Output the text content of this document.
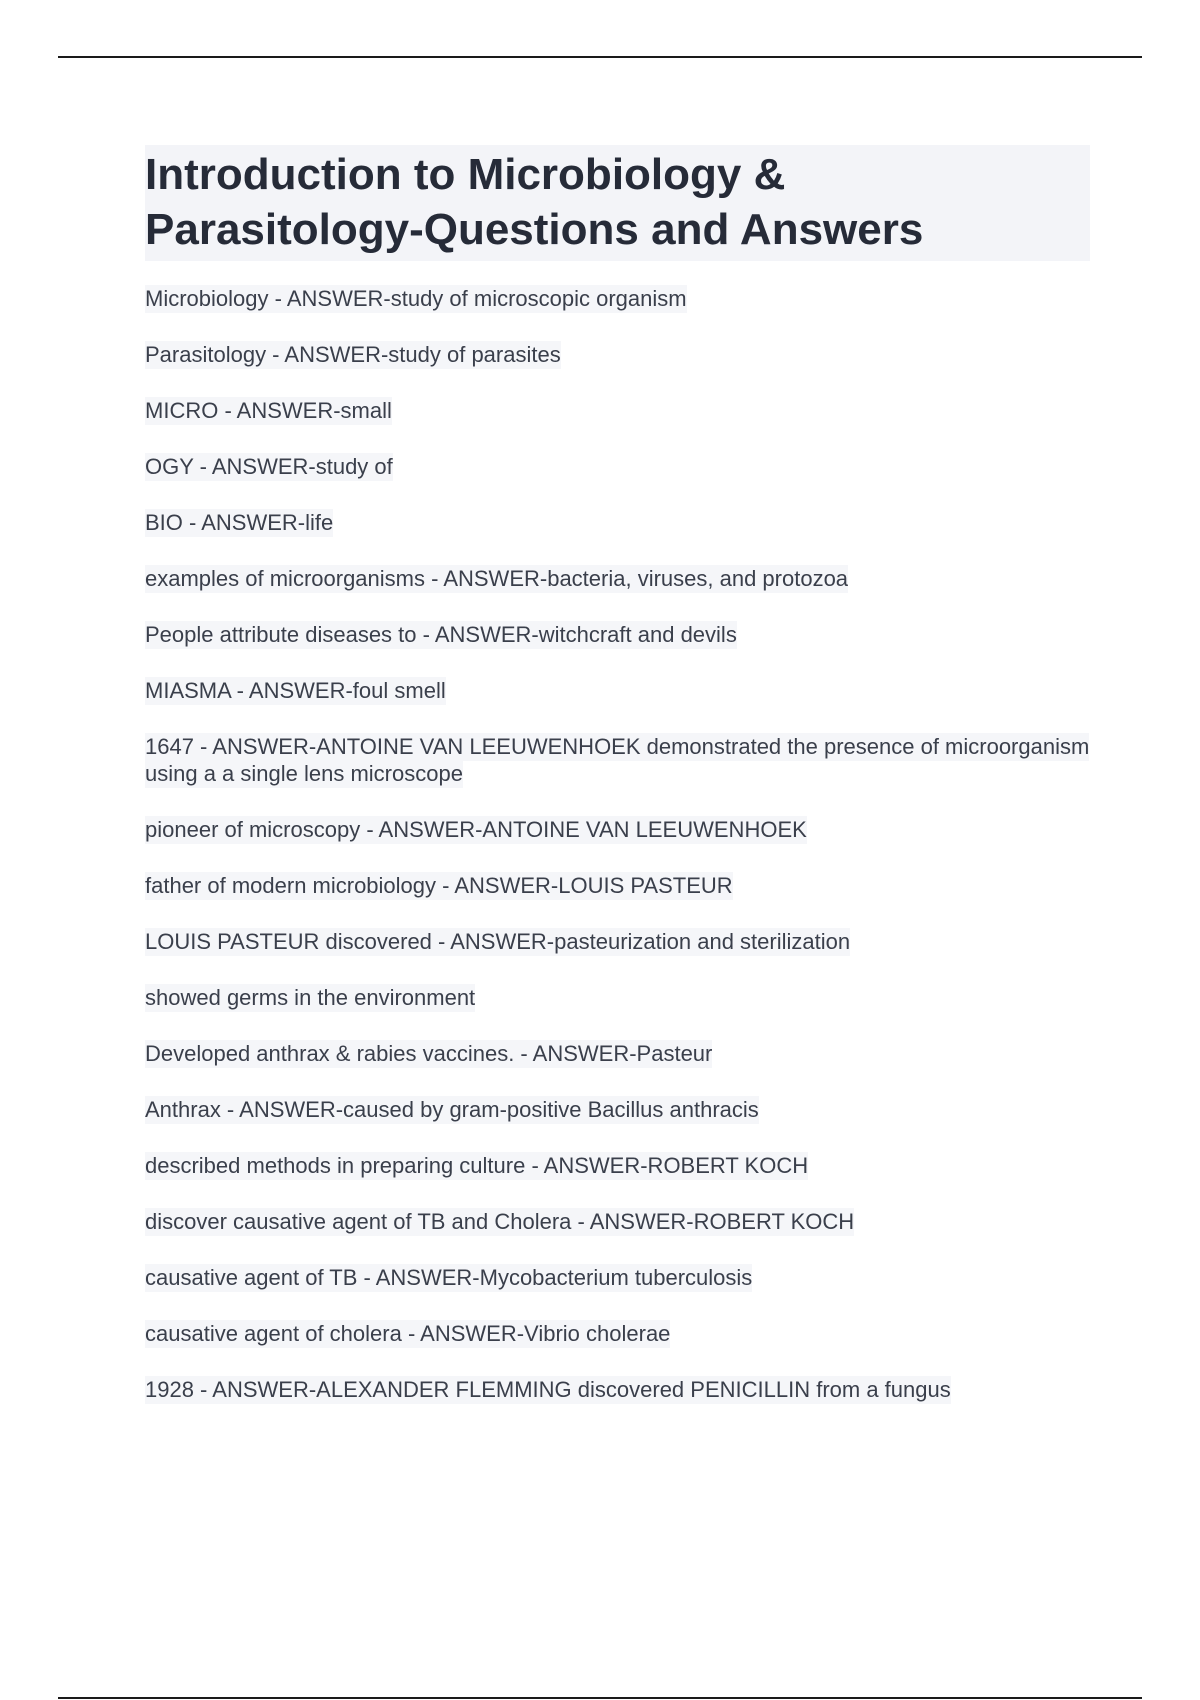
Introduction to Microbiology &
Parasitology-Questions and Answers

Microbiology - ANSWER-study of microscopic organism

Parasitology - ANSWER-study of parasites

MICRO - ANSWER-small

OGY - ANSWER-study of

BIO - ANSWER-life

examples of microorganisms - ANSWER-bacteria, viruses, and protozoa

People attribute diseases to - ANSWER-witchcraft and devils

MIASMA - ANSWER-foul smell

1647 - ANSWER-ANTOINE VAN LEEUWENHOEK demonstrated the presence of microorganism using a a single lens microscope

pioneer of microscopy - ANSWER-ANTOINE VAN LEEUWENHOEK

father of modern microbiology - ANSWER-LOUIS PASTEUR

LOUIS PASTEUR discovered - ANSWER-pasteurization and sterilization

showed germs in the environment

Developed anthrax & rabies vaccines. - ANSWER-Pasteur

Anthrax - ANSWER-caused by gram-positive Bacillus anthracis

described methods in preparing culture - ANSWER-ROBERT KOCH

discover causative agent of TB and Cholera - ANSWER-ROBERT KOCH

causative agent of TB - ANSWER-Mycobacterium tuberculosis

causative agent of cholera - ANSWER-Vibrio cholerae

1928 - ANSWER-ALEXANDER FLEMMING discovered PENICILLIN from a fungus
